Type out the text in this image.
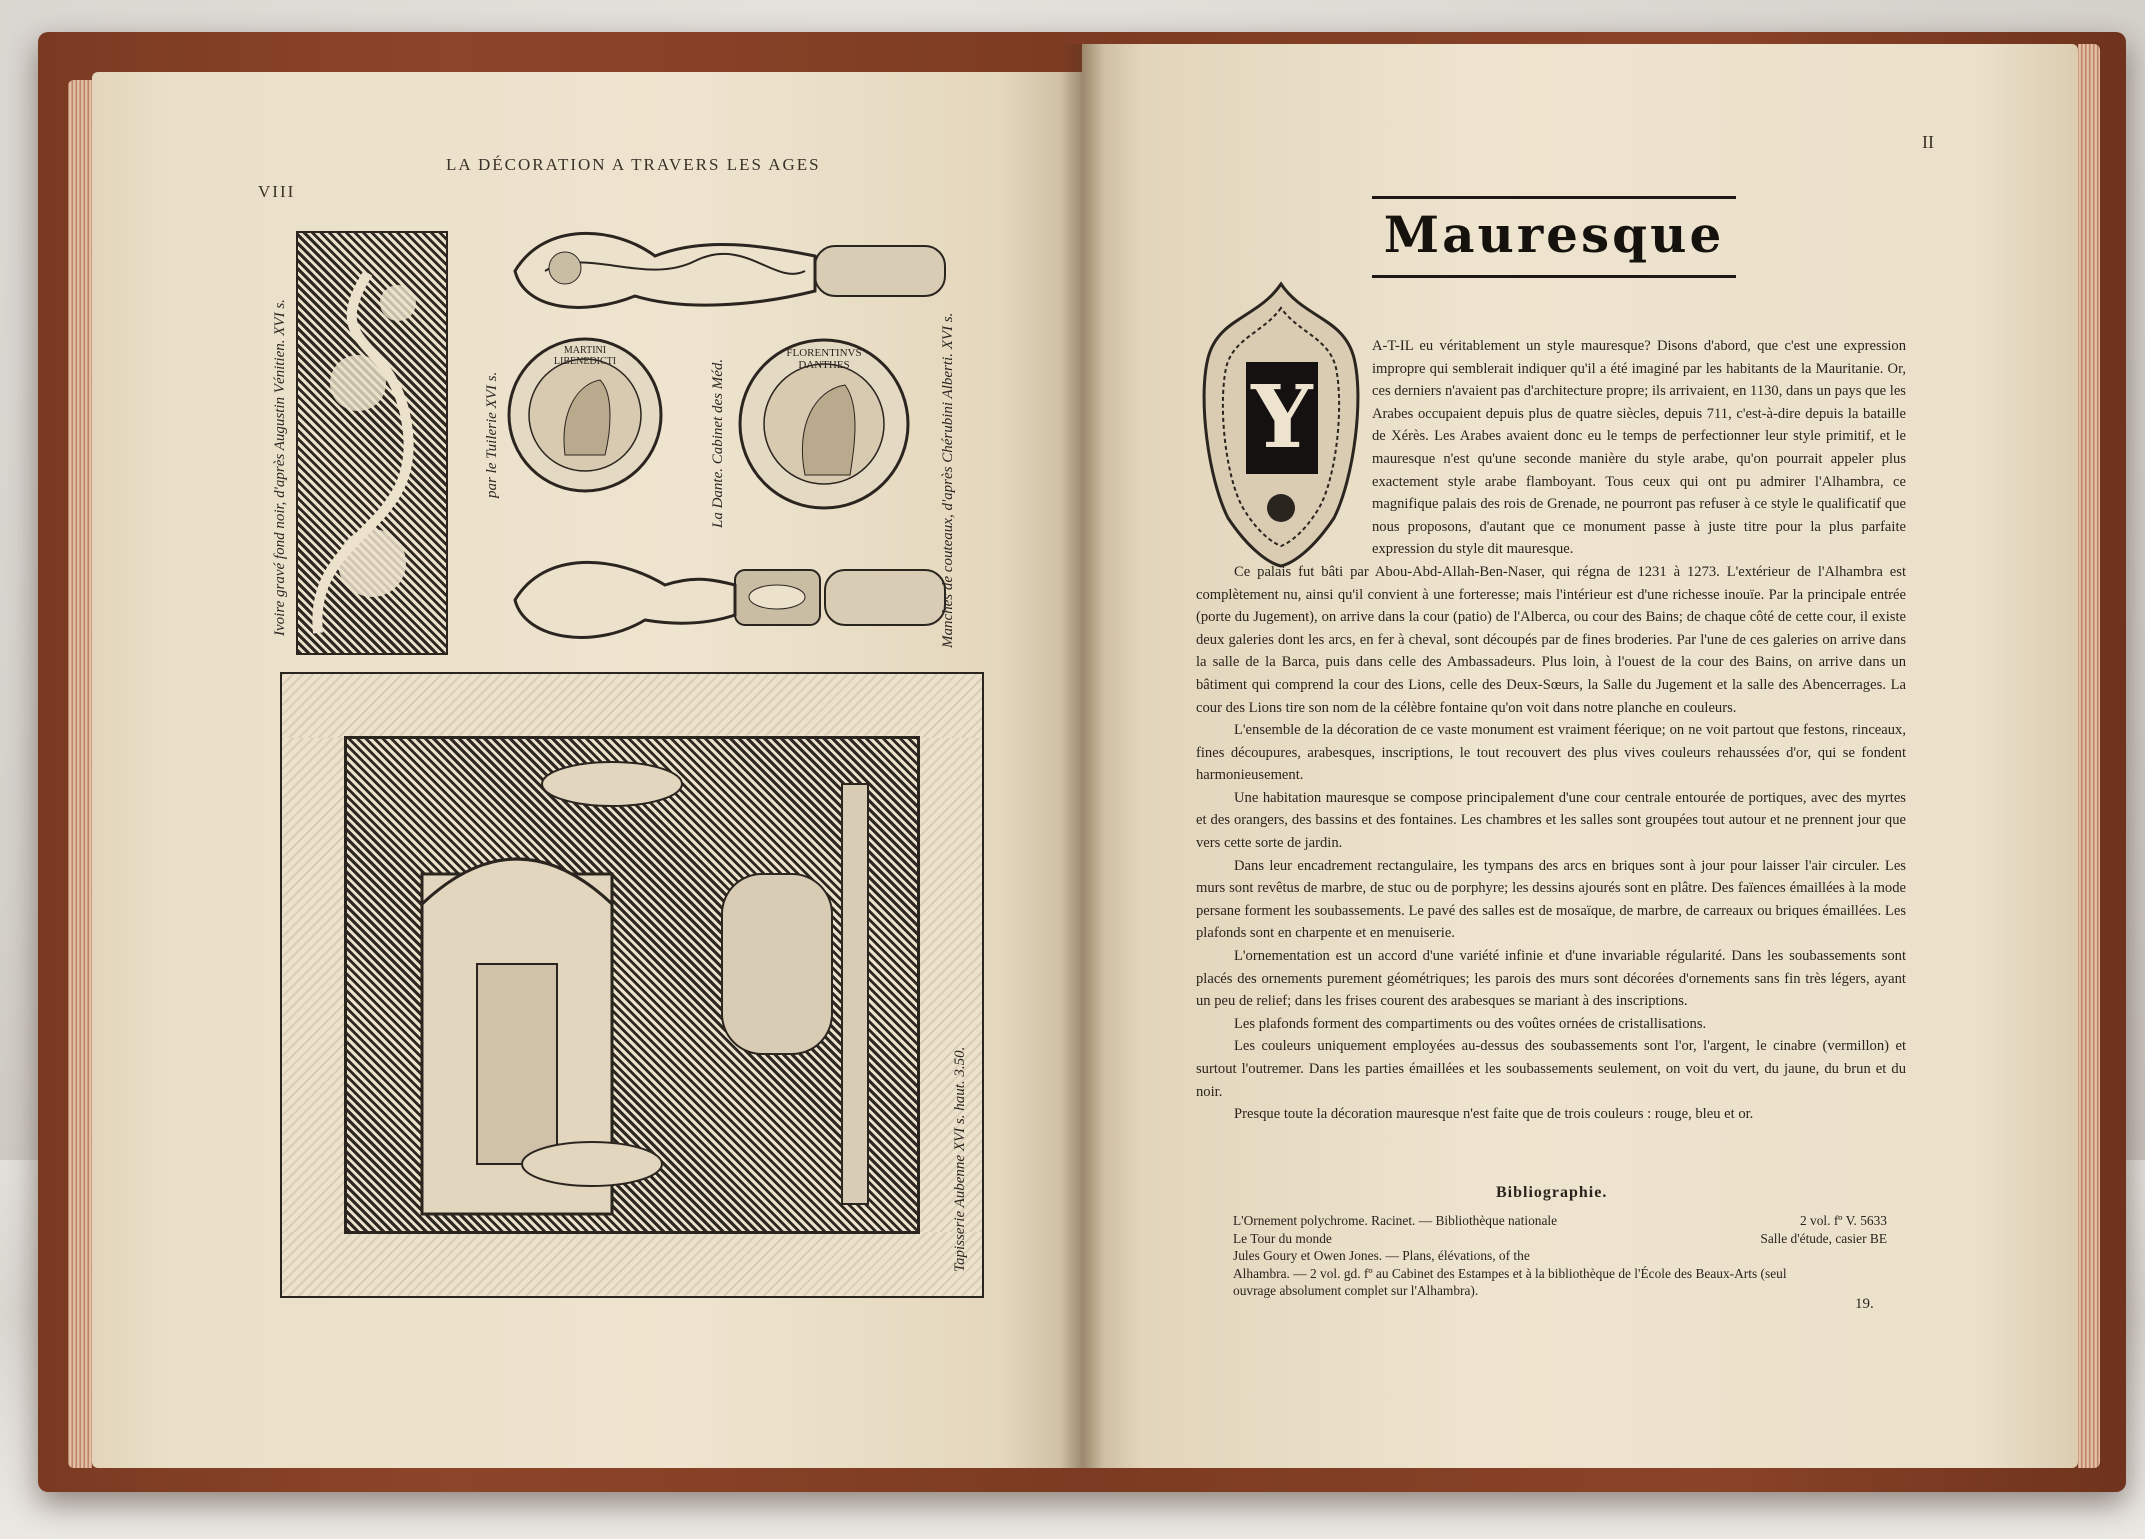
VIII
LA DÉCORATION A TRAVERS LES AGES
Ivoire gravé fond noir, d'après Augustin Vénitien. XVI s.	MARTINI LIBENEDICTI
par le Tuilerie XVI s.
FLORENTINVS DANTHES
La Dante. Cabinet des Méd.	Manches de couteaux, d'après Chérubini Alberti. XVI s.
Tapisserie Aubenne XVI s. haut. 3.50.
II
Mauresque
Y

A-T-IL eu véritablement un style mauresque? Disons d'abord, que c'est une expression impropre qui semblerait indiquer qu'il a été imaginé par les habitants de la Mauritanie. Or, ces derniers n'avaient pas d'architecture propre; ils arrivaient, en 1130, dans un pays que les Arabes occupaient depuis plus de quatre siècles, depuis 711, c'est-à-dire depuis la bataille de Xérès. Les Arabes avaient donc eu le temps de perfectionner leur style primitif, et le mauresque n'est qu'une seconde manière du style arabe, qu'on pourrait appeler plus exactement style arabe flamboyant. Tous ceux qui ont pu admirer l'Alhambra, ce magnifique palais des rois de Grenade, ne pourront pas refuser à ce style le qualificatif que nous proposons, d'autant que ce monument passe à juste titre pour la plus parfaite expression du style dit mauresque.

Ce palais fut bâti par Abou-Abd-Allah-Ben-Naser, qui régna de 1231 à 1273. L'extérieur de l'Alhambra est complètement nu, ainsi qu'il convient à une forteresse; mais l'intérieur est d'une richesse inouïe. Par la principale entrée (porte du Jugement), on arrive dans la cour (patio) de l'Alberca, ou cour des Bains; de chaque côté de cette cour, il existe deux galeries dont les arcs, en fer à cheval, sont découpés par de fines broderies. Par l'une de ces galeries on arrive dans la salle de la Barca, puis dans celle des Ambassadeurs. Plus loin, à l'ouest de la cour des Bains, on arrive dans un bâtiment qui comprend la cour des Lions, celle des Deux-Sœurs, la Salle du Jugement et la salle des Abencerrages. La cour des Lions tire son nom de la célèbre fontaine qu'on voit dans notre planche en couleurs.

L'ensemble de la décoration de ce vaste monument est vraiment féerique; on ne voit partout que festons, rinceaux, fines découpures, arabesques, inscriptions, le tout recouvert des plus vives couleurs rehaussées d'or, qui se fondent harmonieusement.

Une habitation mauresque se compose principalement d'une cour centrale entourée de portiques, avec des myrtes et des orangers, des bassins et des fontaines. Les chambres et les salles sont groupées tout autour et ne prennent jour que vers cette sorte de jardin.

Dans leur encadrement rectangulaire, les tympans des arcs en briques sont à jour pour laisser l'air circuler. Les murs sont revêtus de marbre, de stuc ou de porphyre; les dessins ajourés sont en plâtre. Des faïences émaillées à la mode persane forment les soubassements. Le pavé des salles est de mosaïque, de marbre, de carreaux ou briques émaillées. Les plafonds sont en charpente et en menuiserie.

L'ornementation est un accord d'une variété infinie et d'une invariable régularité. Dans les soubassements sont placés des ornements purement géométriques; les parois des murs sont décorées d'ornements sans fin très légers, ayant un peu de relief; dans les frises courent des arabesques se mariant à des inscriptions.

Les plafonds forment des compartiments ou des voûtes ornées de cristallisations.

Les couleurs uniquement employées au-dessus des soubassements sont l'or, l'argent, le cinabre (vermillon) et surtout l'outremer. Dans les parties émaillées et les soubassements seulement, on voit du vert, du jaune, du brun et du noir.

Presque toute la décoration mauresque n'est faite que de trois couleurs : rouge, bleu et or.

Bibliographie.
L'Ornement polychrome. Racinet. — Bibliothèque nationale	2 vol. fº V. 5633
Le Tour du monde	Salle d'étude, casier BE
Jules Goury et Owen Jones. — Plans, élévations, of the
Alhambra. — 2 vol. gd. fº au Cabinet des Estampes et à la bibliothèque de l'École des Beaux-Arts (seul
ouvrage absolument complet sur l'Alhambra).
19.
